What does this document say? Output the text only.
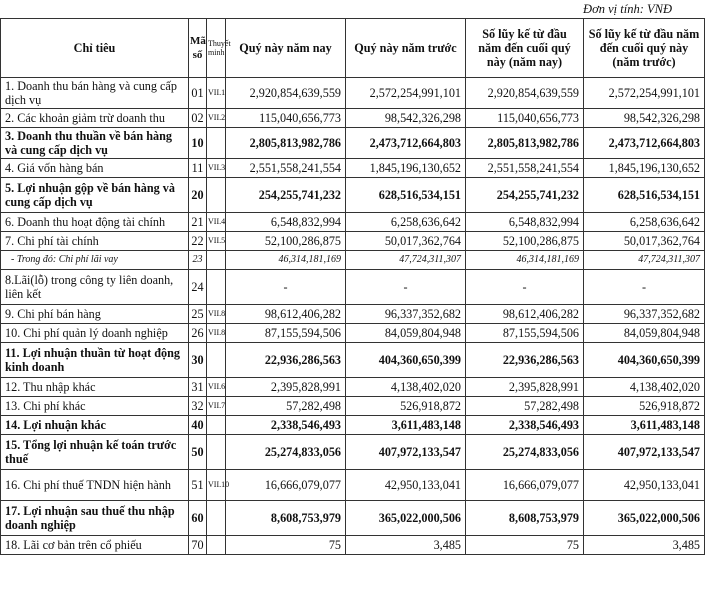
Đơn vị tính: VNĐ
Chỉ tiêu	Mã số	Thuyết minh	Quý này năm nay	Quý này năm trước	Số lũy kế từ đầu năm đến cuối quý này (năm nay)	Số lũy kế từ đầu năm đến cuối quý này (năm trước)
1. Doanh thu bán hàng và cung cấp dịch vụ	01	VII.1	2,920,854,639,559	2,572,254,991,101	2,920,854,639,559	2,572,254,991,101
2. Các khoản giảm trừ doanh thu	02	VII.2	115,040,656,773	98,542,326,298	115,040,656,773	98,542,326,298
3. Doanh thu thuần về bán hàng và cung cấp dịch vụ	10		2,805,813,982,786	2,473,712,664,803	2,805,813,982,786	2,473,712,664,803
4. Giá vốn hàng bán	11	VII.3	2,551,558,241,554	1,845,196,130,652	2,551,558,241,554	1,845,196,130,652
5. Lợi nhuận gộp về bán hàng và cung cấp dịch vụ	20		254,255,741,232	628,516,534,151	254,255,741,232	628,516,534,151
6. Doanh thu hoạt động tài chính	21	VII.4	6,548,832,994	6,258,636,642	6,548,832,994	6,258,636,642
7. Chi phí tài chính	22	VII.5	52,100,286,875	50,017,362,764	52,100,286,875	50,017,362,764
- Trong đó: Chi phí lãi vay	23		46,314,181,169	47,724,311,307	46,314,181,169	47,724,311,307
8.Lãi(lỗ) trong công ty liên doanh, liên kết	24		-	-	-	-
9. Chi phí bán hàng	25	VII.8	98,612,406,282	96,337,352,682	98,612,406,282	96,337,352,682
10. Chi phí quản lý doanh nghiệp	26	VII.8	87,155,594,506	84,059,804,948	87,155,594,506	84,059,804,948
11. Lợi nhuận thuần từ hoạt động kinh doanh	30		22,936,286,563	404,360,650,399	22,936,286,563	404,360,650,399
12. Thu nhập khác	31	VII.6	2,395,828,991	4,138,402,020	2,395,828,991	4,138,402,020
13. Chi phí khác	32	VII.7	57,282,498	526,918,872	57,282,498	526,918,872
14. Lợi nhuận khác	40		2,338,546,493	3,611,483,148	2,338,546,493	3,611,483,148
15. Tổng lợi nhuận kế toán trước thuế	50		25,274,833,056	407,972,133,547	25,274,833,056	407,972,133,547
16. Chi phí thuế TNDN hiện hành	51	VII.10	16,666,079,077	42,950,133,041	16,666,079,077	42,950,133,041
17. Lợi nhuận sau thuế thu nhập doanh nghiệp	60		8,608,753,979	365,022,000,506	8,608,753,979	365,022,000,506
18. Lãi cơ bản trên cổ phiếu	70		75	3,485	75	3,485
